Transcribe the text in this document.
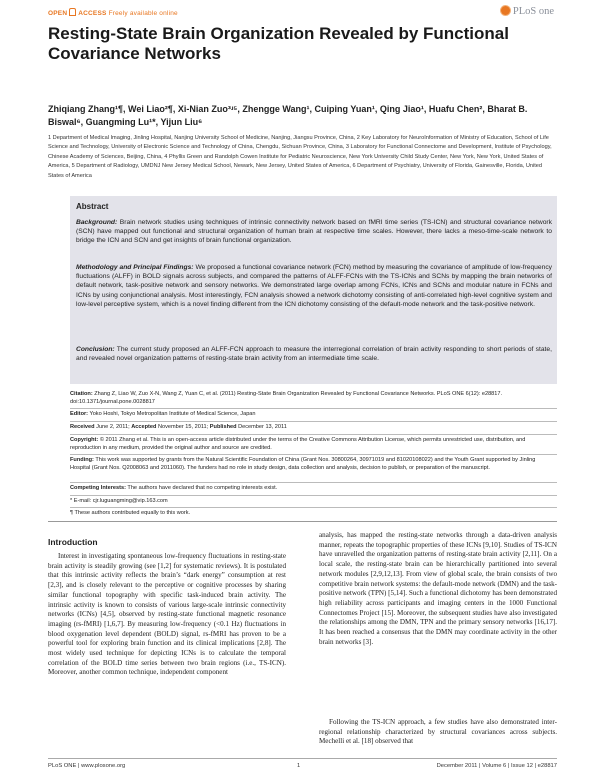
OPEN ACCESS Freely available online	PLoS one
Resting-State Brain Organization Revealed by Functional Covariance Networks
Zhiqiang Zhang¹¶, Wei Liao²¶, Xi-Nian Zuo³ʴ⁵, Zhengge Wang¹, Cuiping Yuan¹, Qing Jiao¹, Huafu Chen², Bharat B. Biswal⁶, Guangming Lu¹*, Yijun Liu⁶
1 Department of Medical Imaging, Jinling Hospital, Nanjing University School of Medicine, Nanjing, Jiangsu Province, China, 2 Key Laboratory for NeuroInformation of Ministry of Education, School of Life Science and Technology, University of Electronic Science and Technology of China, Chengdu, Sichuan Province, China, 3 Laboratory for Functional Connectome and Development, Institute of Psychology, Chinese Academy of Sciences, Beijing, China, 4 Phyllis Green and Randolph Cowen Institute for Pediatric Neuroscience, New York University Child Study Center, New York, New York, United States of America, 5 Department of Radiology, UMDNJ New Jersey Medical School, Newark, New Jersey, United States of America, 6 Department of Psychiatry, University of Florida, Gainesville, Florida, United States of America
Abstract
Background: Brain network studies using techniques of intrinsic connectivity network based on fMRI time series (TS-ICN) and structural covariance network (SCN) have mapped out functional and structural organization of human brain at respective time scales. However, there lacks a meso-time-scale network to bridge the ICN and SCN and get insights of brain functional organization.
Methodology and Principal Findings: We proposed a functional covariance network (FCN) method by measuring the covariance of amplitude of low-frequency fluctuations (ALFF) in BOLD signals across subjects, and compared the patterns of ALFF-FCNs with the TS-ICNs and SCNs by mapping the brain networks of default network, task-positive network and sensory networks. We demonstrated large overlap among FCNs, ICNs and SCNs and modular nature in FCNs and ICNs by using conjunctional analysis. Most interestingly, FCN analysis showed a network dichotomy consisting of anti-correlated high-level cognitive system and low-level perceptive system, which is a novel finding different from the ICN dichotomy consisting of the default-mode network and the task-positive network.
Conclusion: The current study proposed an ALFF-FCN approach to measure the interregional correlation of brain activity responding to short periods of state, and revealed novel organization patterns of resting-state brain activity from an intermediate time scale.
Citation: Zhang Z, Liao W, Zuo X-N, Wang Z, Yuan C, et al. (2011) Resting-State Brain Organization Revealed by Functional Covariance Networks. PLoS ONE 6(12): e28817. doi:10.1371/journal.pone.0028817
Editor: Yoko Hoshi, Tokyo Metropolitan Institute of Medical Science, Japan
Received June 2, 2011; Accepted November 15, 2011; Published December 13, 2011
Copyright: © 2011 Zhang et al. This is an open-access article distributed under the terms of the Creative Commons Attribution License, which permits unrestricted use, distribution, and reproduction in any medium, provided the original author and source are credited.
Funding: This work was supported by grants from the Natural Scientific Foundation of China (Grant Nos. 30800264, 30971019 and 81020108022) and the Youth Grant supported by Jinling Hospital (Grant Nos. Q2008063 and 2011060). The funders had no role in study design, data collection and analysis, decision to publish, or preparation of the manuscript.
Competing Interests: The authors have declared that no competing interests exist.
* E-mail: cjr.luguangming@vip.163.com
¶ These authors contributed equally to this work.
Introduction
Interest in investigating spontaneous low-frequency fluctuations in resting-state brain activity is steadily growing (see [1,2] for systematic reviews). It is postulated that this intrinsic activity reflects the brain’s “dark energy” consumption at rest [2,3], and is closely relevant to the perceptive or cognitive processes by sharing similar functional topography with specific task-induced brain activity. The intrinsic activity is known to consists of various large-scale intrinsic connectivity networks (ICNs) [4,5], observed by resting-state functional magnetic resonance imaging (rs-fMRI) [1,6,7]. By measuring low-frequency (<0.1 Hz) fluctuations in blood oxygenation level dependent (BOLD) signal, rs-fMRI has proven to be a powerful tool for exploring brain function and its clinical implications [2,8]. The most widely used technique for depicting ICNs is to calculate the temporal correlation of the BOLD time series between two brain regions (i.e., TS-ICN). Moreover, another common technique, independent component
analysis, has mapped the resting-state networks through a data-driven analysis manner, repeats the topographic properties of these ICNs [9,10]. Studies of TS-ICN have unravelled the organization patterns of resting-state brain activity [2,11]. On a local scale, the resting-state brain can be hierarchically partitioned into several network modules [2,9,12,13]. From view of global scale, the brain consists of two competitive brain network systems: the default-mode network (DMN) and the task-positive network (TPN) [5,14]. Such a functional dichotomy has been demonstrated high reliability across participants and imaging centers in the 1000 Functional Connectomes Project [15]. Moreover, the subsequent studies have also investigated the relationships among the DMN, TPN and the primary sensory networks [16,17]. It has been reached a consensus that the DMN may coordinate activity in the other brain networks [3].
Following the TS-ICN approach, a few studies have also demonstrated inter-regional relationship characterized by structural covariances across subjects. Mechelli et al. [18] observed that
PLoS ONE | www.plosone.org	1	December 2011 | Volume 6 | Issue 12 | e28817
